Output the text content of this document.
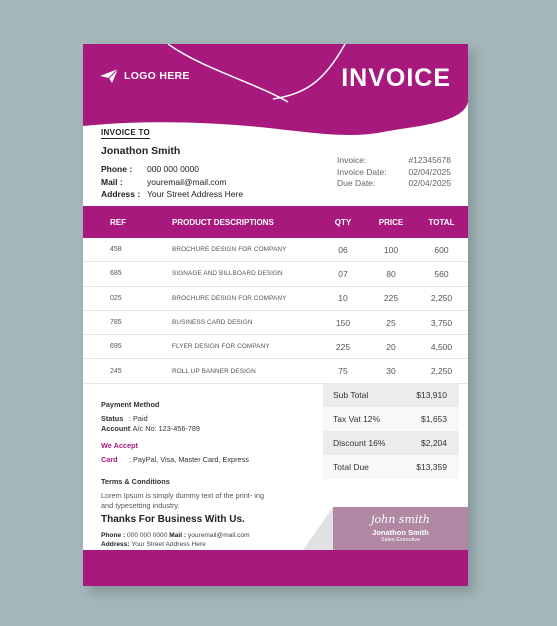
LOGO HERE	INVOICE
INVOICE TO
Jonathon Smith
Phone :	000 000 0000
Mail :	youremail@mail.com
Address : Your Street Address Here
Invoice:	#12345678
Invoice Date:	02/04/2025
Due Date:	02/04/2025
REF	PRODUCT DESCRIPTIONS	QTY	PRICE	TOTAL
458	BROCHURE DESIGN FOR COMPANY	06	100	600
685	SIGNAGE AND BILLBOARD DESIGN	07	80	560
025	BROCHURE DESIGN FOR COMPANY	10	225	2,250
785	BUSINESS CARD DESIGN	150	25	3,750
695	FLYER DESIGN FOR COMPANY	225	20	4,500
245	ROLL UP BANNER DESIGN	75	30	2,250
Payment Method
Status : Paid
Account
: A/c No: 123-456-789
We Accept
Card	: PayPal, Visa, Master Card, Express
Terms & Conditions
Lorem Ipsum is simply dummy text of the print- ing and typesetting industry.
Sub Total	$13,910
Tax Vat 12%	$1,653
Discount 16%	$2,204
Total Due	$13,359
Thanks For Business With Us.
Phone : 000 000 0000 Mail : youremail@mail.com
Address: Your Street Address Here
john smith
Jonathon Smith
Sales Executive
